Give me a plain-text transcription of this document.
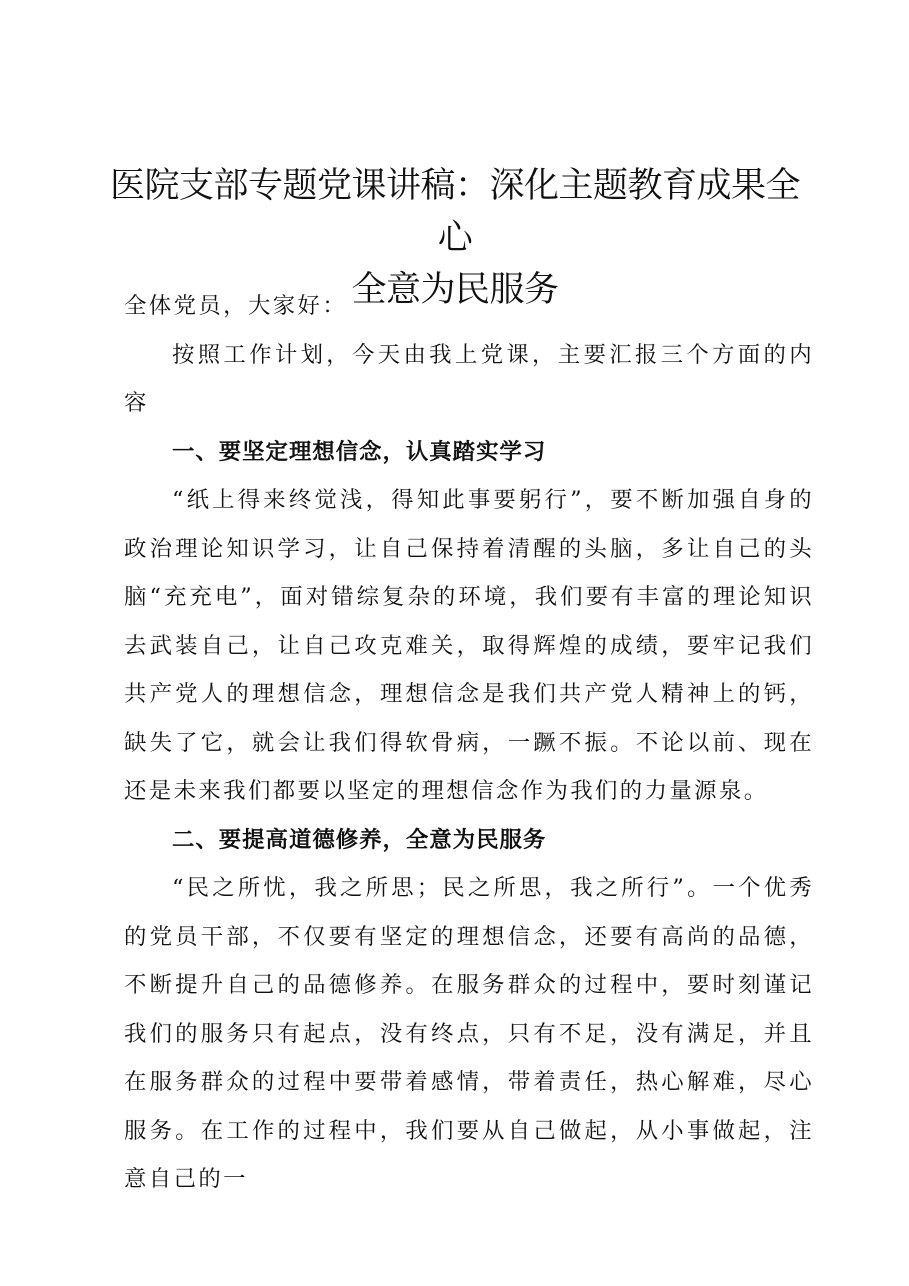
医院支部专题党课讲稿：深化主题教育成果全心
全意为民服务

全体党员，大家好：

按照工作计划，今天由我上党课，主要汇报三个方面的内容

一、要坚定理想信念，认真踏实学习

“纸上得来终觉浅，得知此事要躬行”，要不断加强自身的政治理论知识学习，让自己保持着清醒的头脑，多让自己的头脑“充充电”，面对错综复杂的环境，我们要有丰富的理论知识去武装自己，让自己攻克难关，取得辉煌的成绩，要牢记我们共产党人的理想信念，理想信念是我们共产党人精神上的钙，缺失了它，就会让我们得软骨病，一蹶不振。不论以前、现在还是未来我们都要以坚定的理想信念作为我们的力量源泉。

二、要提高道德修养，全意为民服务

“民之所忧，我之所思；民之所思，我之所行”。一个优秀的党员干部，不仅要有坚定的理想信念，还要有高尚的品德，不断提升自己的品德修养。在服务群众的过程中，要时刻谨记我们的服务只有起点，没有终点，只有不足，没有满足，并且在服务群众的过程中要带着感情，带着责任，热心解难，尽心服务。在工作的过程中，我们要从自己做起，从小事做起，注意自己的一
